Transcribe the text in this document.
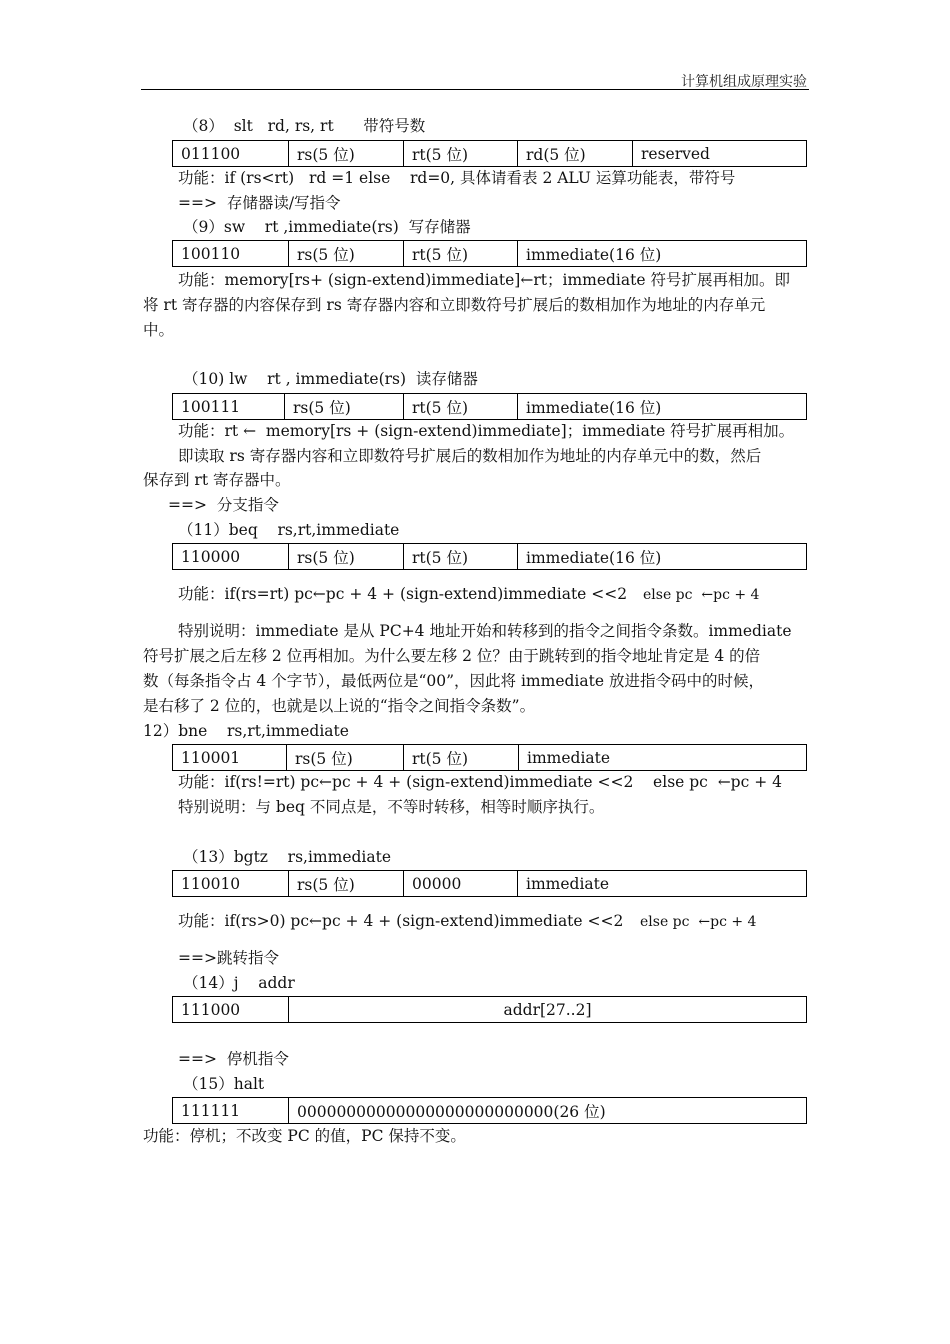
计算机组成原理实验
（8）  slt   rd, rs, rt      带符号数
011100	rs(5 位)	rt(5 位)	rd(5 位)	reserved
功能：if (rs<rt)   rd =1 else    rd=0, 具体请看表 2 ALU 运算功能表，带符号
==>  存储器读/写指令
（9）sw    rt ,immediate(rs)  写存储器
100110	rs(5 位)	rt(5 位)	immediate(16 位)
功能：memory[rs+ (sign-extend)immediate]←rt；immediate 符号扩展再相加。即
将 rt 寄存器的内容保存到 rs 寄存器内容和立即数符号扩展后的数相加作为地址的内存单元
中。
（10) lw    rt , immediate(rs)  读存储器
100111	rs(5 位)	rt(5 位)	immediate(16 位)
功能：rt ←  memory[rs + (sign-extend)immediate]；immediate 符号扩展再相加。
即读取 rs 寄存器内容和立即数符号扩展后的数相加作为地址的内存单元中的数，然后
保存到 rt 寄存器中。
==>  分支指令
（11）beq    rs,rt,immediate
110000	rs(5 位)	rt(5 位)	immediate(16 位)
功能：if(rs=rt) pc←pc + 4 + (sign-extend)immediate <<2 else pc  ←pc + 4
特别说明：immediate 是从 PC+4 地址开始和转移到的指令之间指令条数。immediate
符号扩展之后左移 2 位再相加。为什么要左移 2 位？由于跳转到的指令地址肯定是 4 的倍
数（每条指令占 4 个字节），最低两位是“00”，因此将 immediate 放进指令码中的时候，
是右移了 2 位的，也就是以上说的“指令之间指令条数”。
12）bne    rs,rt,immediate
110001	rs(5 位)	rt(5 位)	immediate
功能：if(rs!=rt) pc←pc + 4 + (sign-extend)immediate <<2    else pc  ←pc + 4
特别说明：与 beq 不同点是，不等时转移，相等时顺序执行。
（13）bgtz    rs,immediate
110010	rs(5 位)	00000	immediate
功能：if(rs>0) pc←pc + 4 + (sign-extend)immediate <<2 else pc  ←pc + 4
==>跳转指令
（14）j    addr
111000	addr[27..2]
==>  停机指令
（15）halt
111111	00000000000000000000000000(26 位)
功能：停机；不改变 PC 的值，PC 保持不变。
